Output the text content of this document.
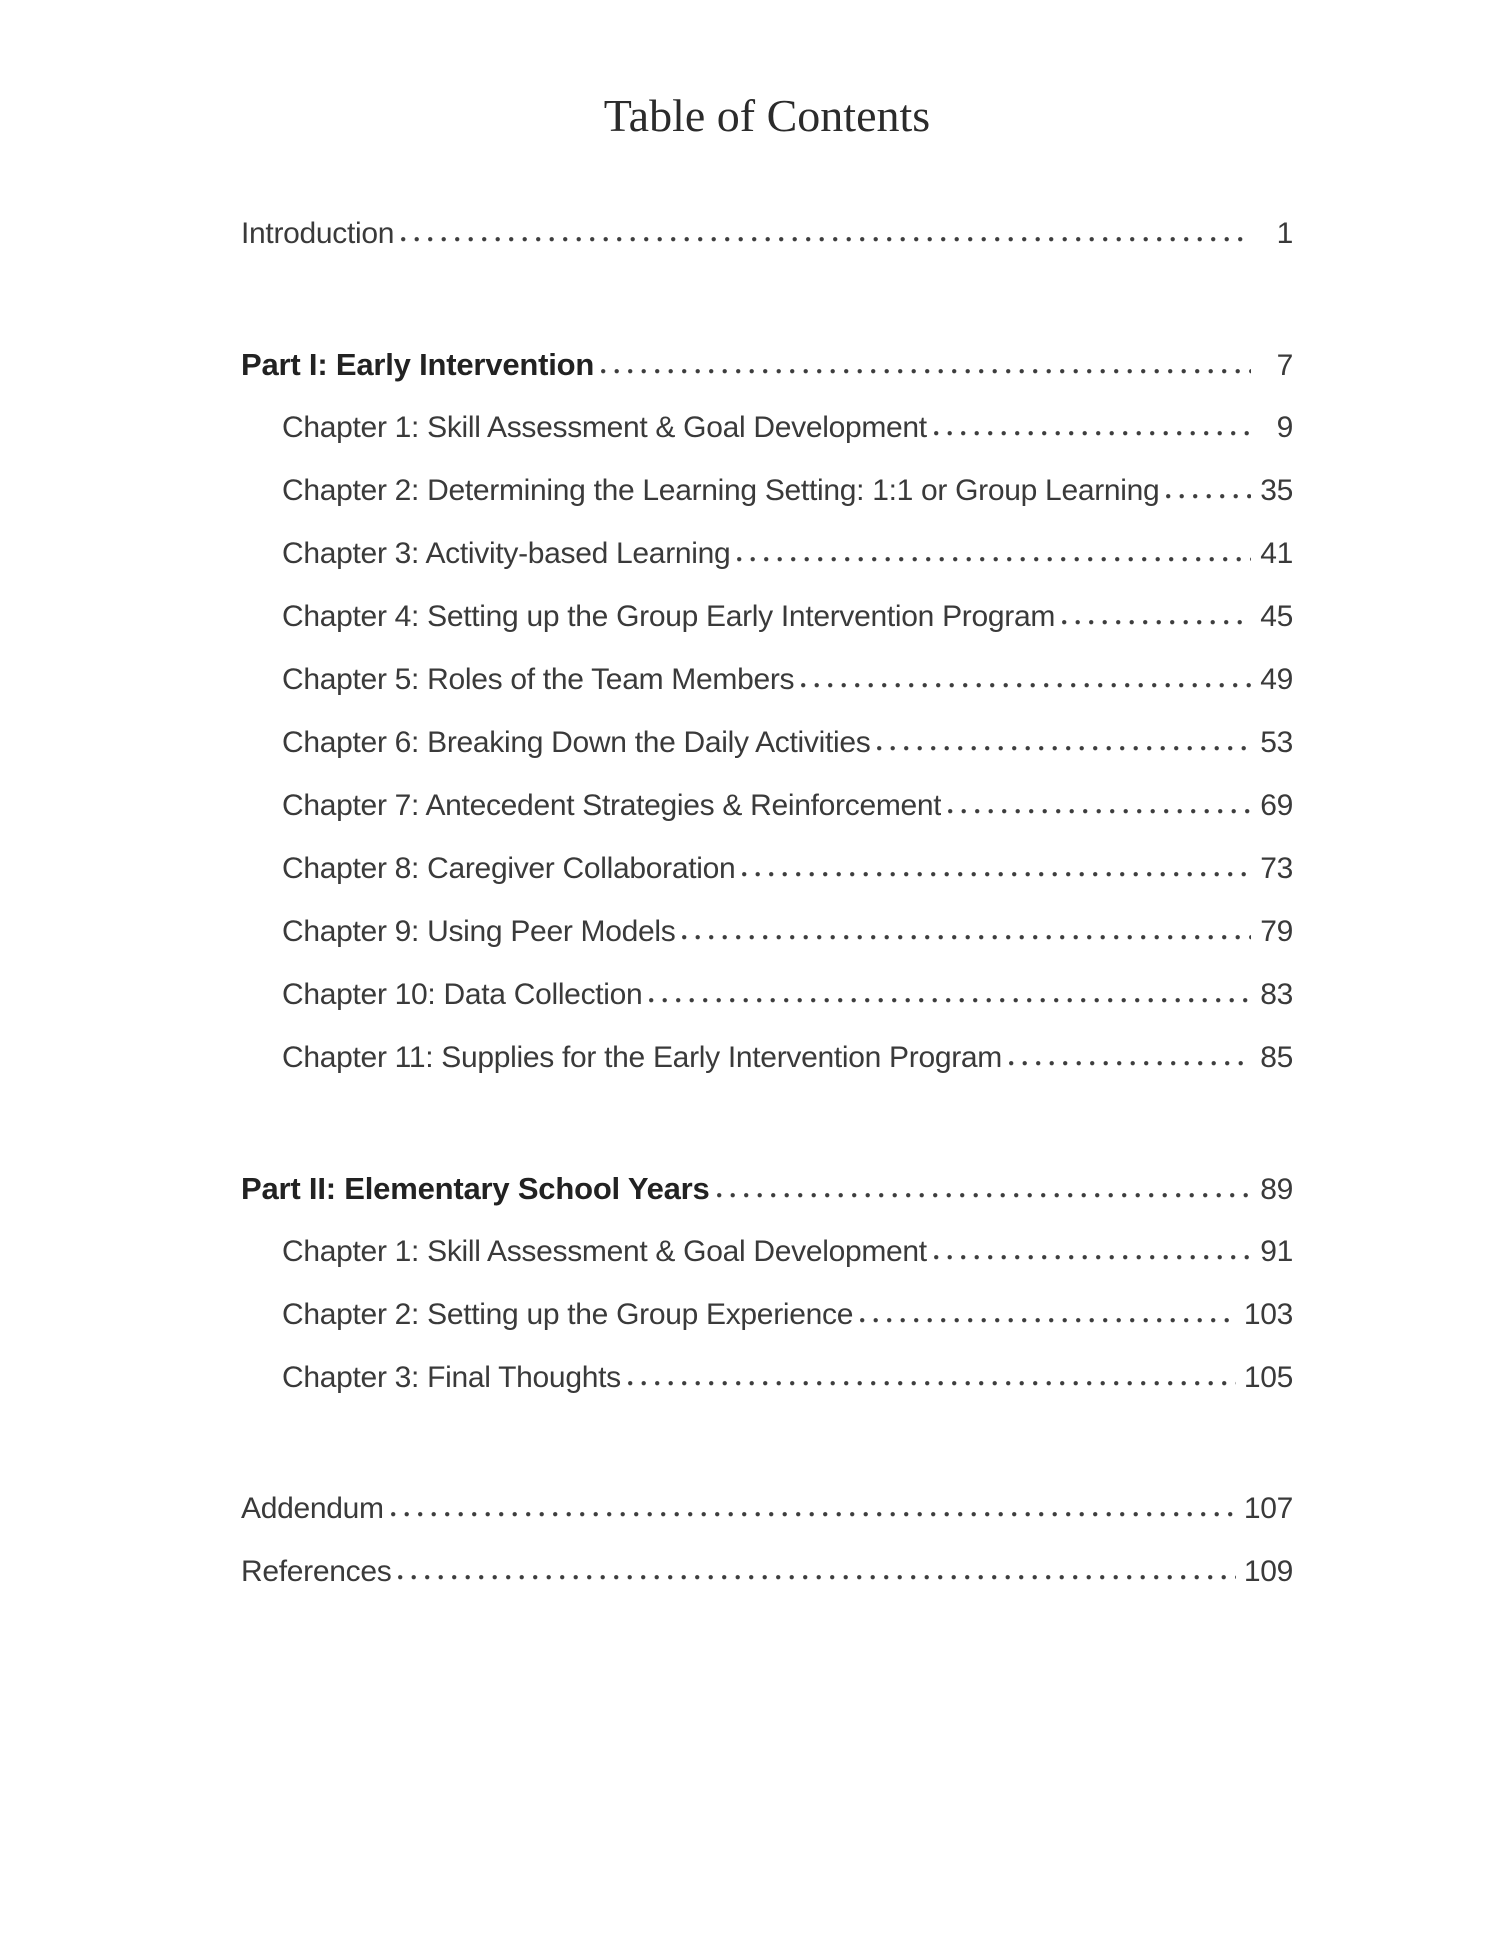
Table of Contents
Introduction	1
Part I: Early Intervention	7
Chapter 1: Skill Assessment & Goal Development	9
Chapter 2: Determining the Learning Setting: 1:1 or Group Learning	35
Chapter 3: Activity-based Learning	41
Chapter 4: Setting up the Group Early Intervention Program	45
Chapter 5: Roles of the Team Members	49
Chapter 6: Breaking Down the Daily Activities	53
Chapter 7: Antecedent Strategies & Reinforcement	69
Chapter 8: Caregiver Collaboration	73
Chapter 9: Using Peer Models	79
Chapter 10: Data Collection	83
Chapter 11: Supplies for the Early Intervention Program	85
Part II: Elementary School Years	89
Chapter 1: Skill Assessment & Goal Development	91
Chapter 2: Setting up the Group Experience	103
Chapter 3: Final Thoughts	105
Addendum	107
References	109
